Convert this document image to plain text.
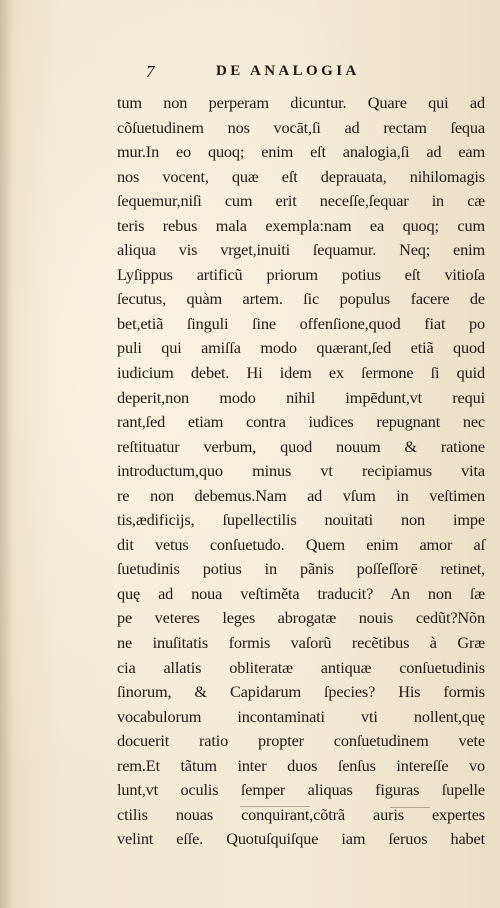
7	DE ANALOGIA
tum non perperam dicuntur. Quare qui ad
cõſuetudinem nos vocāt,ſi ad rectam ſequa
mur.In eo quoq; enim eſt analogia,ſi ad eam
nos vocent, quæ eſt deprauata, nihilomagis
ſequemur,niſi cum erit neceſſe,ſequar in cæ
teris rebus mala exempla:nam ea quoq; cum
aliqua vis vrget,inuiti ſequamur. Neq; enim
Lyſippus artificũ priorum potius eſt vitioſa
ſecutus, quàm artem. ſic populus facere de
bet,etiã ſinguli ſine offenſione,quod fiat po
puli qui amiſſa modo quærant,ſed etiã quod
iudicium debet. Hi idem ex ſermone ſi quid
deperit,non modo nihil impēdunt,vt requi
rant,ſed etiam contra iudices repugnant nec
reſtituatur verbum, quod nouum & ratione
introductum,quo minus vt recipiamus vita
re non debemus.Nam ad vſum in veſtimen
tis,ædificijs, ſupellectilis nouitati non impe
dit vetus conſuetudo. Quem enim amor aſ
ſuetudinis potius in pãnis poſſeſſorē retinet,
quę ad noua veſtiměta traducit? An non ſæ
pe veteres leges abrogatæ nouis cedũt?Nõn
ne inuſitatis formis vaſorũ recẽtibus à Græ
cia allatis obliteratæ antiquæ conſuetudinis
ſinorum, & Capidarum ſpecies? His formis
vocabulorum incontaminati vti nollent,quę
docuerit ratio propter conſuetudinem vete
rem.Et tãtum inter duos ſenſus intereſſe vo
lunt,vt oculis ſemper aliquas figuras ſupelle
ctilis nouas conquirant,cõtrã auris expertes
velint eſſe. Quotuſquiſque iam ſeruos habet
